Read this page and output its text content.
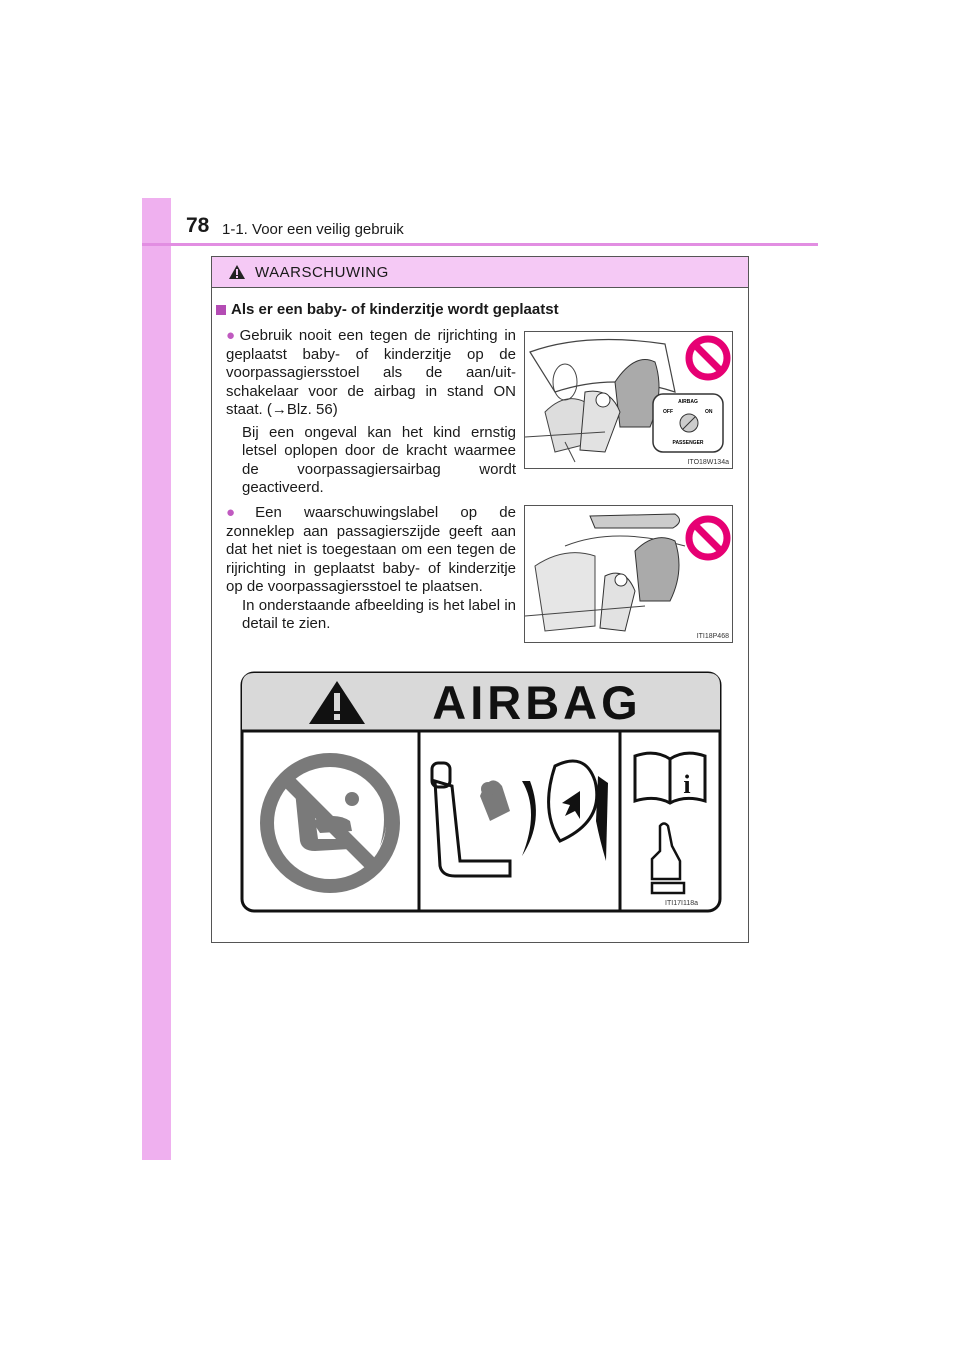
78 1-1. Voor een veilig gebruik
WAARSCHUWING
Als er een baby- of kinderzitje wordt geplaatst

● Gebruik nooit een tegen de rijrichting in geplaatst baby- of kinderzitje op de voorpassagiersstoel als de aan/uit-schakelaar voor de airbag in stand ON staat. (→Blz. 56)

Bij een ongeval kan het kind ernstig letsel oplopen door de kracht waarmee de voorpassagiersairbag wordt geactiveerd.

AIRBAG
OFF	ON
PASSENGER
ITO18W134a

● Een waarschuwingslabel op de zonneklep aan passagierszijde geeft aan dat het niet is toegestaan om een tegen de rijrichting in geplaatst baby- of kinderzitje op de voorpassagiersstoel te plaatsen.

In onderstaande afbeelding is het label in detail te zien.

ITI18P468
AIRBAG
i
ITI17I118a
